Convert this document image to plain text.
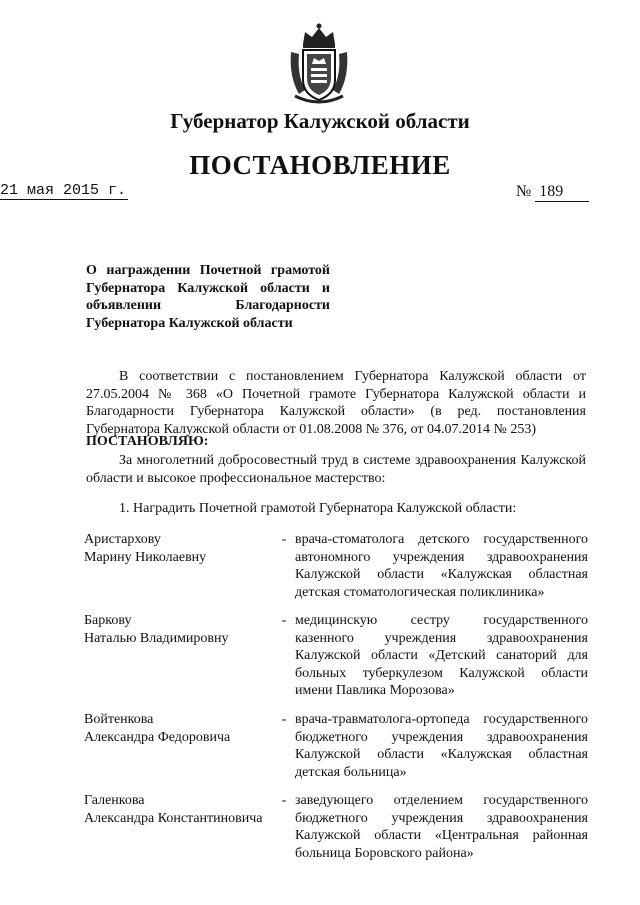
Губернатор Калужской области
ПОСТАНОВЛЕНИЕ
21 мая 2015 г.	№ 189
О награждении Почетной грамотой Губернатора Калужской области и объявлении Благодарности Губернатора Калужской области
В соответствии с постановлением Губернатора Калужской области от 27.05.2004 № 368 «О Почетной грамоте Губернатора Калужской области и Благодарности Губернатора Калужской области» (в ред. постановления Губернатора Калужской области от 01.08.2008 № 376, от 04.07.2014 № 253)
ПОСТАНОВЛЯЮ:
За многолетний добросовестный труд в системе здравоохранения Калужской области и высокое профессиональное мастерство:
1. Наградить Почетной грамотой Губернатора Калужской области:
Аристархову
Марину Николаевну
- врача-стоматолога детского государственного автономного учреждения здравоохранения Калужской области «Калужская областная детская стоматологическая поликлиника»
Баркову
Наталью Владимировну
- медицинскую сестру государственного казенного учреждения здравоохранения Калужской области «Детский санаторий для больных туберкулезом Калужской области имени Павлика Морозова»
Войтенкова
Александра Федоровича
- врача-травматолога-ортопеда государственного бюджетного учреждения здравоохранения Калужской области «Калужская областная детская больница»
Галенкова
Александра Константиновича
- заведующего отделением государственного бюджетного учреждения здравоохранения Калужской области «Центральная районная больница Боровского района»
